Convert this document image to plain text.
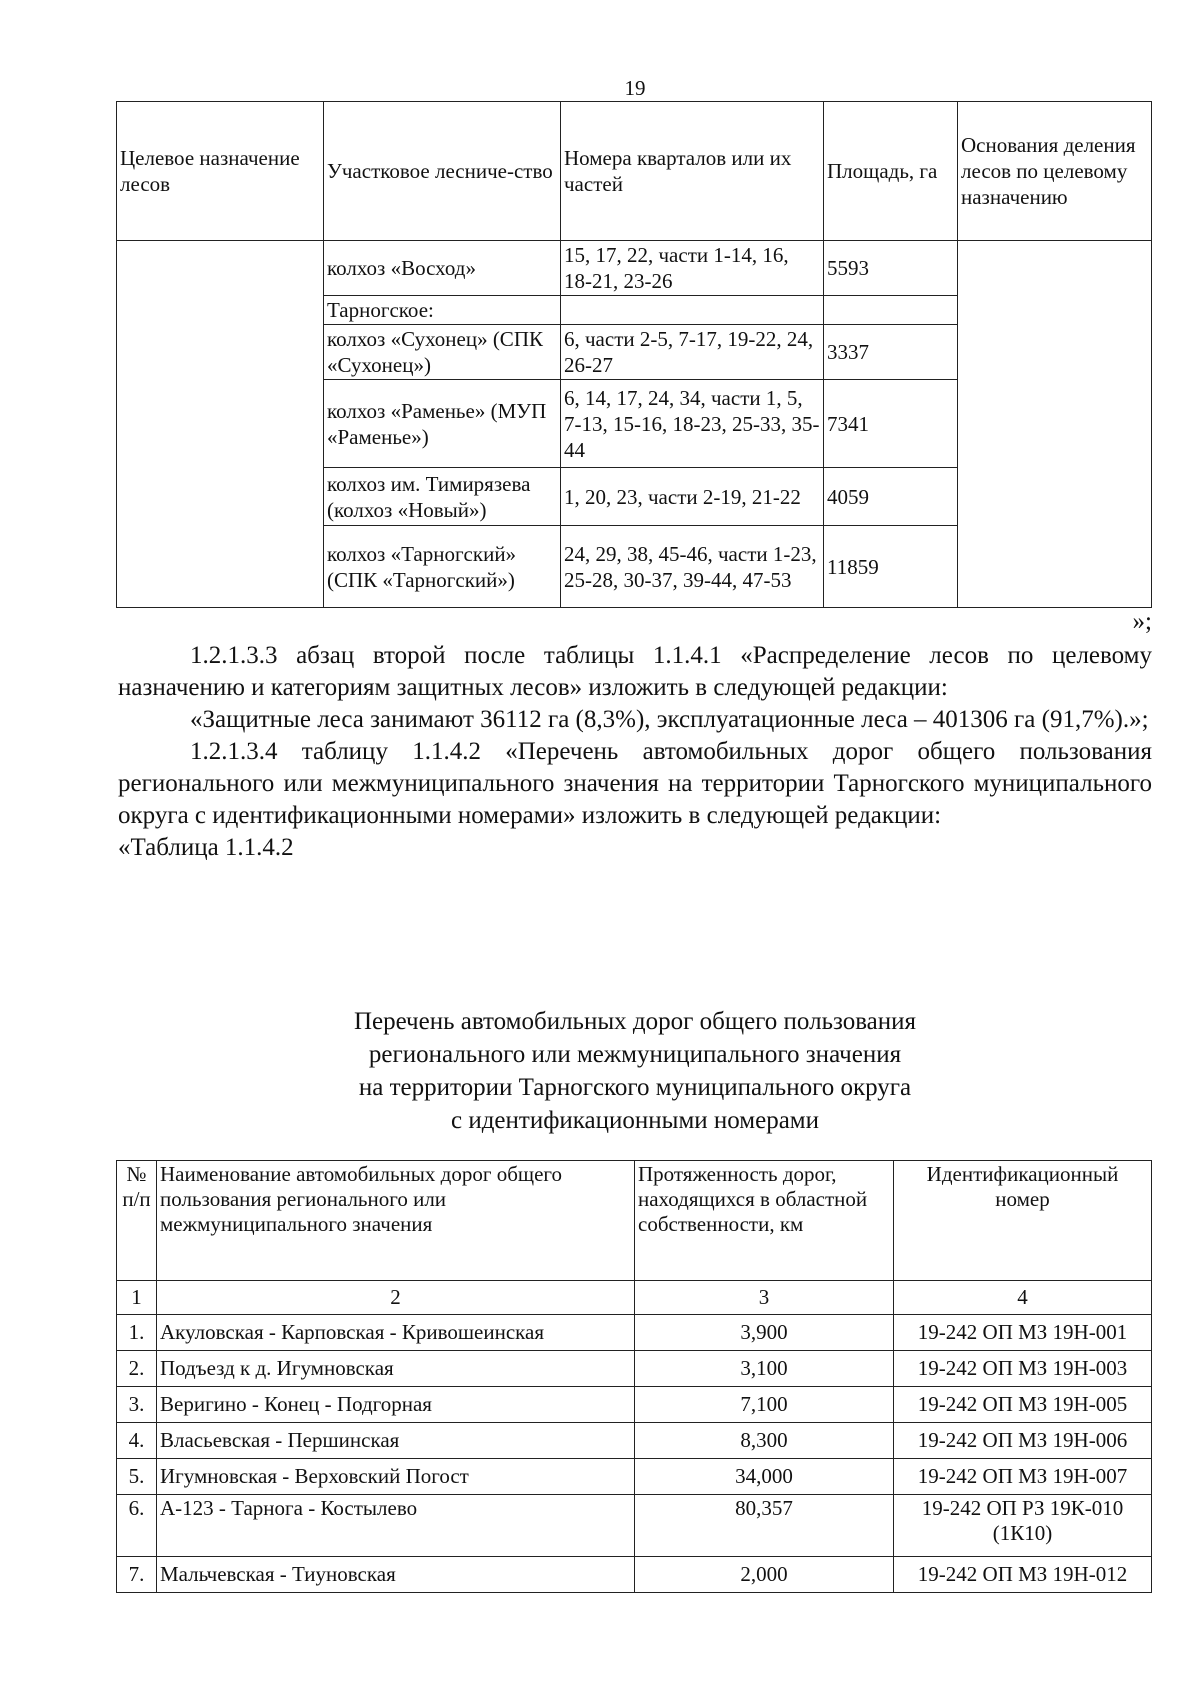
19
Целевое назначение лесов	Участковое лесниче-ство	Номера кварталов или их частей	Площадь, га	Основания деления лесов по целевому назначению
	колхоз «Восход»	15, 17, 22, части 1-14, 16, 18-21, 23-26	5593	
	Тарногское:			
	колхоз «Сухонец» (СПК «Сухонец»)	6, части 2-5, 7-17, 19-22, 24, 26-27	3337	
	колхоз «Раменье» (МУП «Раменье»)	6, 14, 17, 24, 34, части 1, 5, 7-13, 15-16, 18-23, 25-33, 35-44	7341	
	колхоз им. Тимирязева (колхоз «Новый»)	1, 20, 23, части 2-19, 21-22	4059	
	колхоз «Тарногский» (СПК «Тарногский»)	24, 29, 38, 45-46, части 1-23, 25-28, 30-37, 39-44, 47-53	11859	
»;

1.2.1.3.3 абзац второй после таблицы 1.1.4.1 «Распределение лесов по целевому назначению и категориям защитных лесов» изложить в следующей редакции:

«Защитные леса занимают 36112 га (8,3%), эксплуатационные леса – 401306 га (91,7%).»;

1.2.1.3.4 таблицу 1.1.4.2 «Перечень автомобильных дорог общего пользования регионального или межмуниципального значения на территории Тарногского муниципального округа с идентификационными номерами» изложить в следующей редакции:

«Таблица 1.1.4.2

Перечень автомобильных дорог общего пользования
регионального или межмуниципального значения
на территории Тарногского муниципального округа
с идентификационными номерами
№ п/п	Наименование автомобильных дорог общего пользования регионального или межмуниципального значения	Протяженность дорог, находящихся в областной собственности, км	Идентификационный номер
1	2	3	4
1.	Акуловская - Карповская - Кривошеинская	3,900	19-242 ОП МЗ 19Н-001
2.	Подъезд к д. Игумновская	3,100	19-242 ОП МЗ 19Н-003
3.	Веригино - Конец - Подгорная	7,100	19-242 ОП МЗ 19Н-005
4.	Власьевская - Першинская	8,300	19-242 ОП МЗ 19Н-006
5.	Игумновская - Верховский Погост	34,000	19-242 ОП МЗ 19Н-007
6.	А-123 - Тарнога - Костылево	80,357	19-242 ОП РЗ 19К-010 (1К10)
7.	Мальчевская - Тиуновская	2,000	19-242 ОП МЗ 19Н-012
